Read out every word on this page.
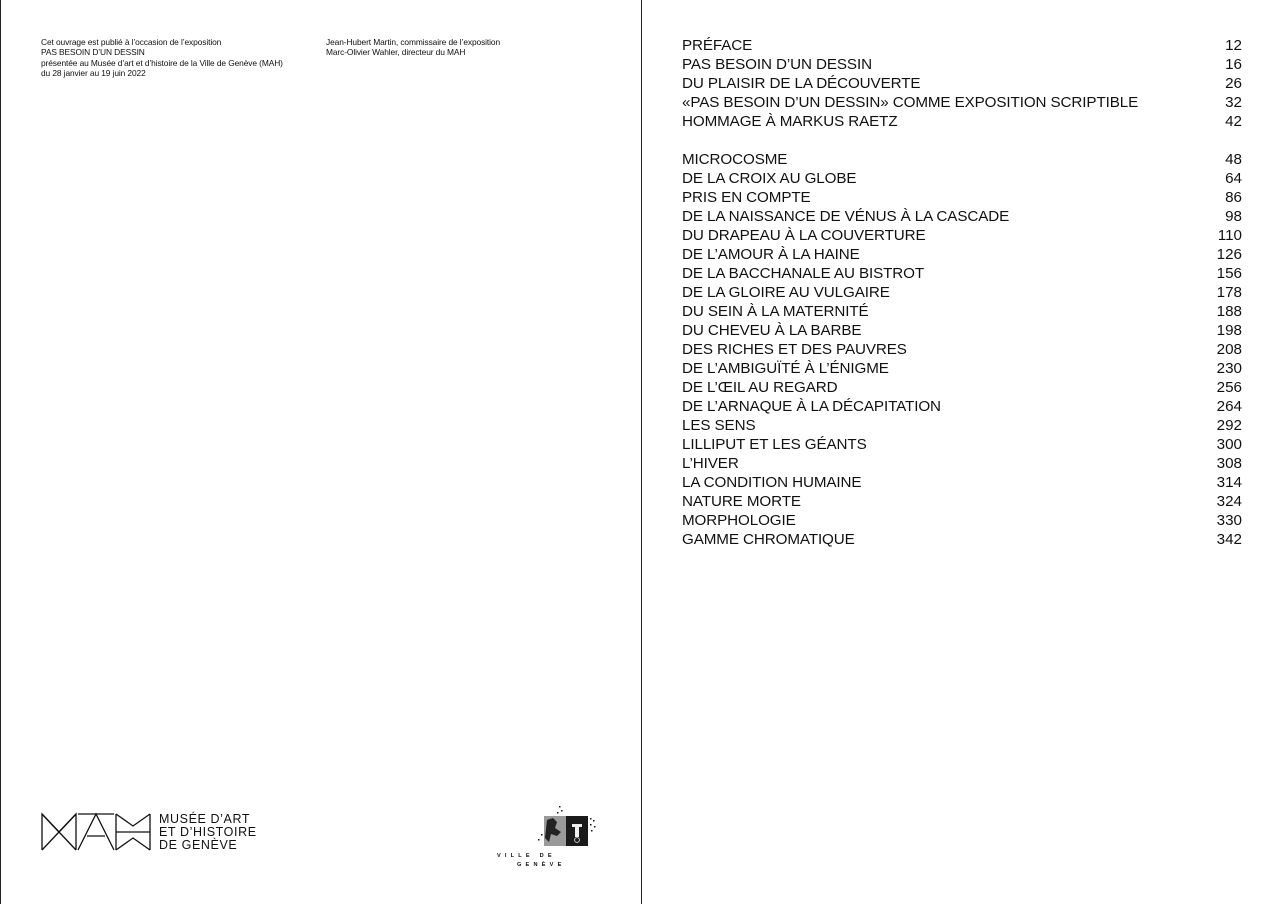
Cet ouvrage est publié à l’occasion de l’exposition
PAS BESOIN D’UN DESSIN
présentée au Musée d’art et d’histoire de la Ville de Genève (MAH)
du 28 janvier au 19 juin 2022
Jean-Hubert Martin, commissaire de l’exposition
Marc-Olivier Wahler, directeur du MAH
MUSÉE D’ART
ET D’HISTOIRE
DE GENÈVE
VILLE DE
GENÈVE
PRÉFACE	12
PAS BESOIN D’UN DESSIN	16
DU PLAISIR DE LA DÉCOUVERTE	26
«PAS BESOIN D’UN DESSIN» COMME EXPOSITION SCRIPTIBLE	32
HOMMAGE À MARKUS RAETZ	42
MICROCOSME	48
DE LA CROIX AU GLOBE	64
PRIS EN COMPTE	86
DE LA NAISSANCE DE VÉNUS À LA CASCADE	98
DU DRAPEAU À LA COUVERTURE	110
DE L’AMOUR À LA HAINE	126
DE LA BACCHANALE AU BISTROT	156
DE LA GLOIRE AU VULGAIRE	178
DU SEIN À LA MATERNITÉ	188
DU CHEVEU À LA BARBE	198
DES RICHES ET DES PAUVRES	208
DE L’AMBIGUÏTÉ À L’ÉNIGME	230
DE L’ŒIL AU REGARD	256
DE L’ARNAQUE À LA DÉCAPITATION	264
LES SENS	292
LILLIPUT ET LES GÉANTS	300
L’HIVER	308
LA CONDITION HUMAINE	314
NATURE MORTE	324
MORPHOLOGIE	330
GAMME CHROMATIQUE	342
